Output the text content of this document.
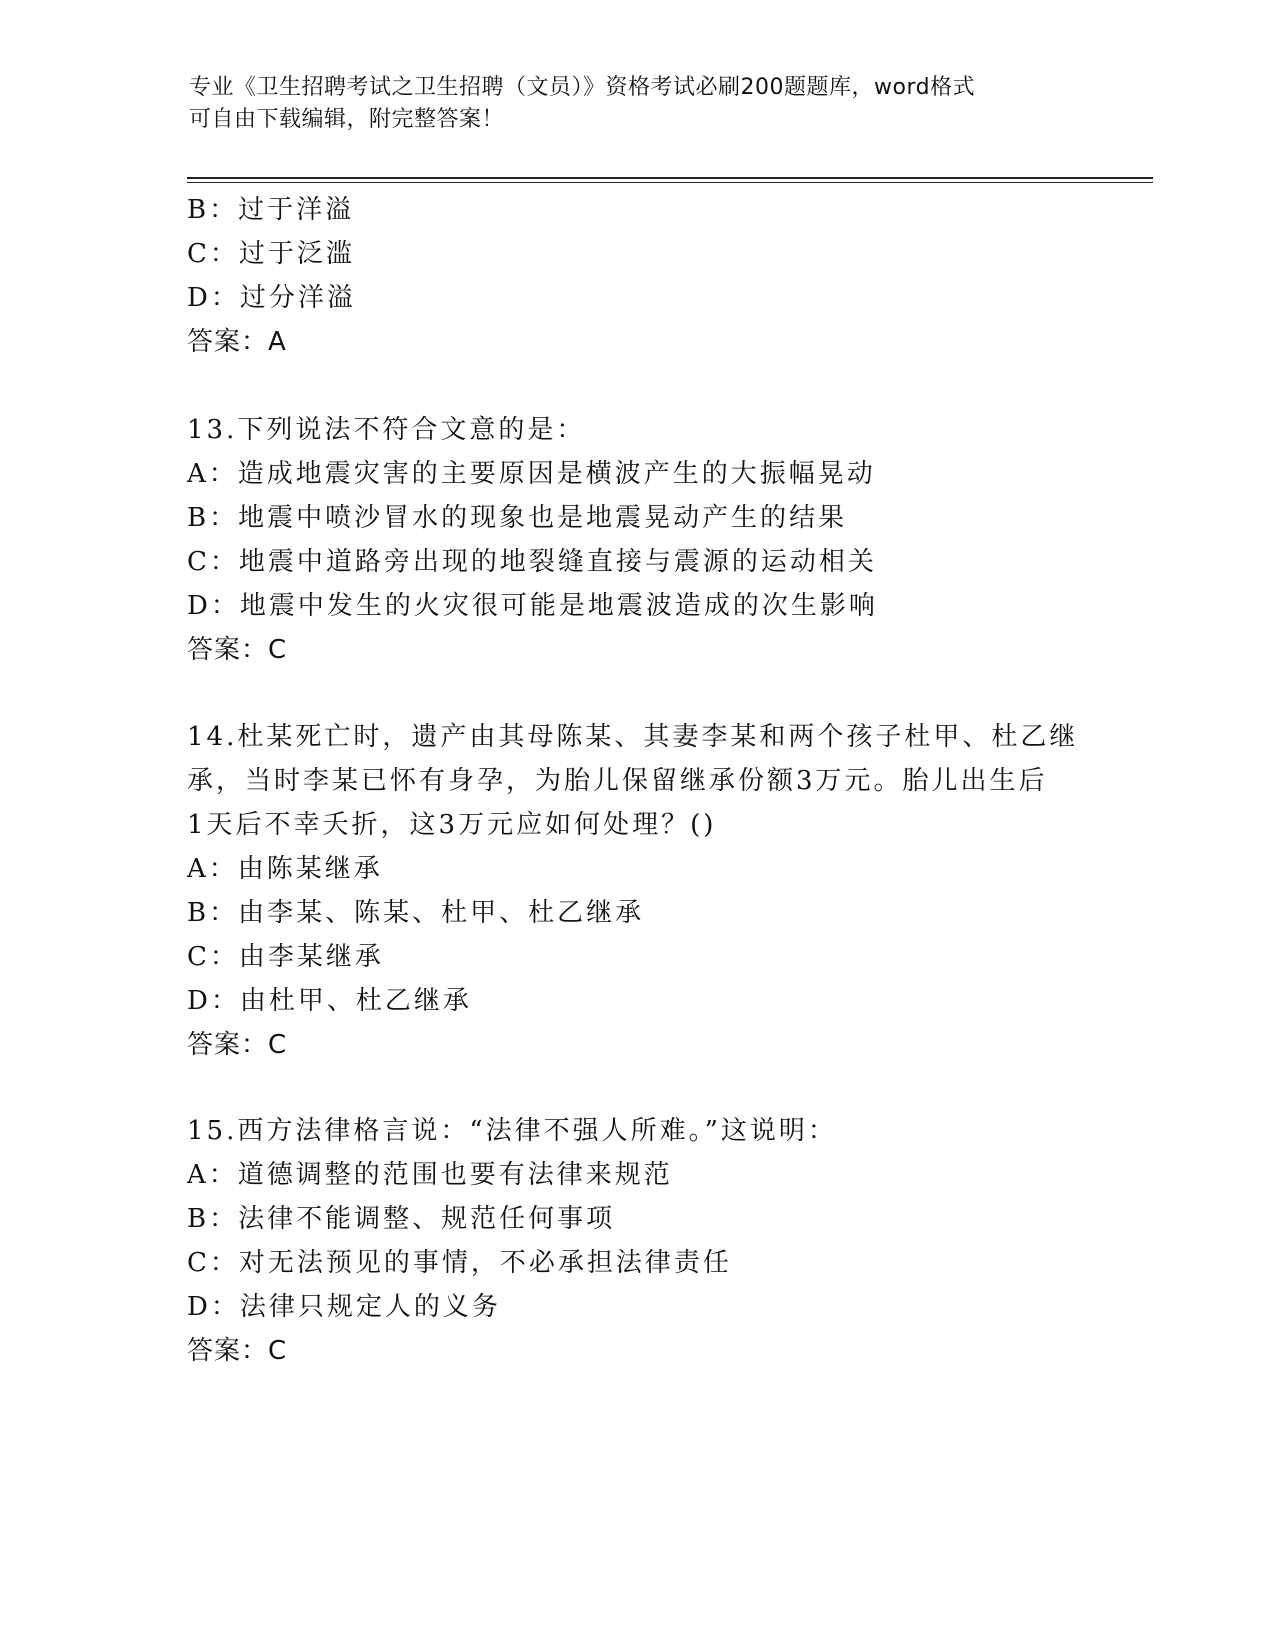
专业《卫生招聘考试之卫生招聘（文员）》资格考试必刷200题题库，word格式
可自由下载编辑，附完整答案！
B：过于洋溢
C：过于泛滥
D：过分洋溢
答案：A
13.下列说法不符合文意的是：
A：造成地震灾害的主要原因是横波产生的大振幅晃动
B：地震中喷沙冒水的现象也是地震晃动产生的结果
C：地震中道路旁出现的地裂缝直接与震源的运动相关
D：地震中发生的火灾很可能是地震波造成的次生影响
答案：C
14.杜某死亡时，遗产由其母陈某、其妻李某和两个孩子杜甲、杜乙继
承，当时李某已怀有身孕，为胎儿保留继承份额3万元。胎儿出生后
1天后不幸夭折，这3万元应如何处理？()
A：由陈某继承
B：由李某、陈某、杜甲、杜乙继承
C：由李某继承
D：由杜甲、杜乙继承
答案：C
15.西方法律格言说：“法律不强人所难。”这说明：
A：道德调整的范围也要有法律来规范
B：法律不能调整、规范任何事项
C：对无法预见的事情，不必承担法律责任
D：法律只规定人的义务
答案：C
